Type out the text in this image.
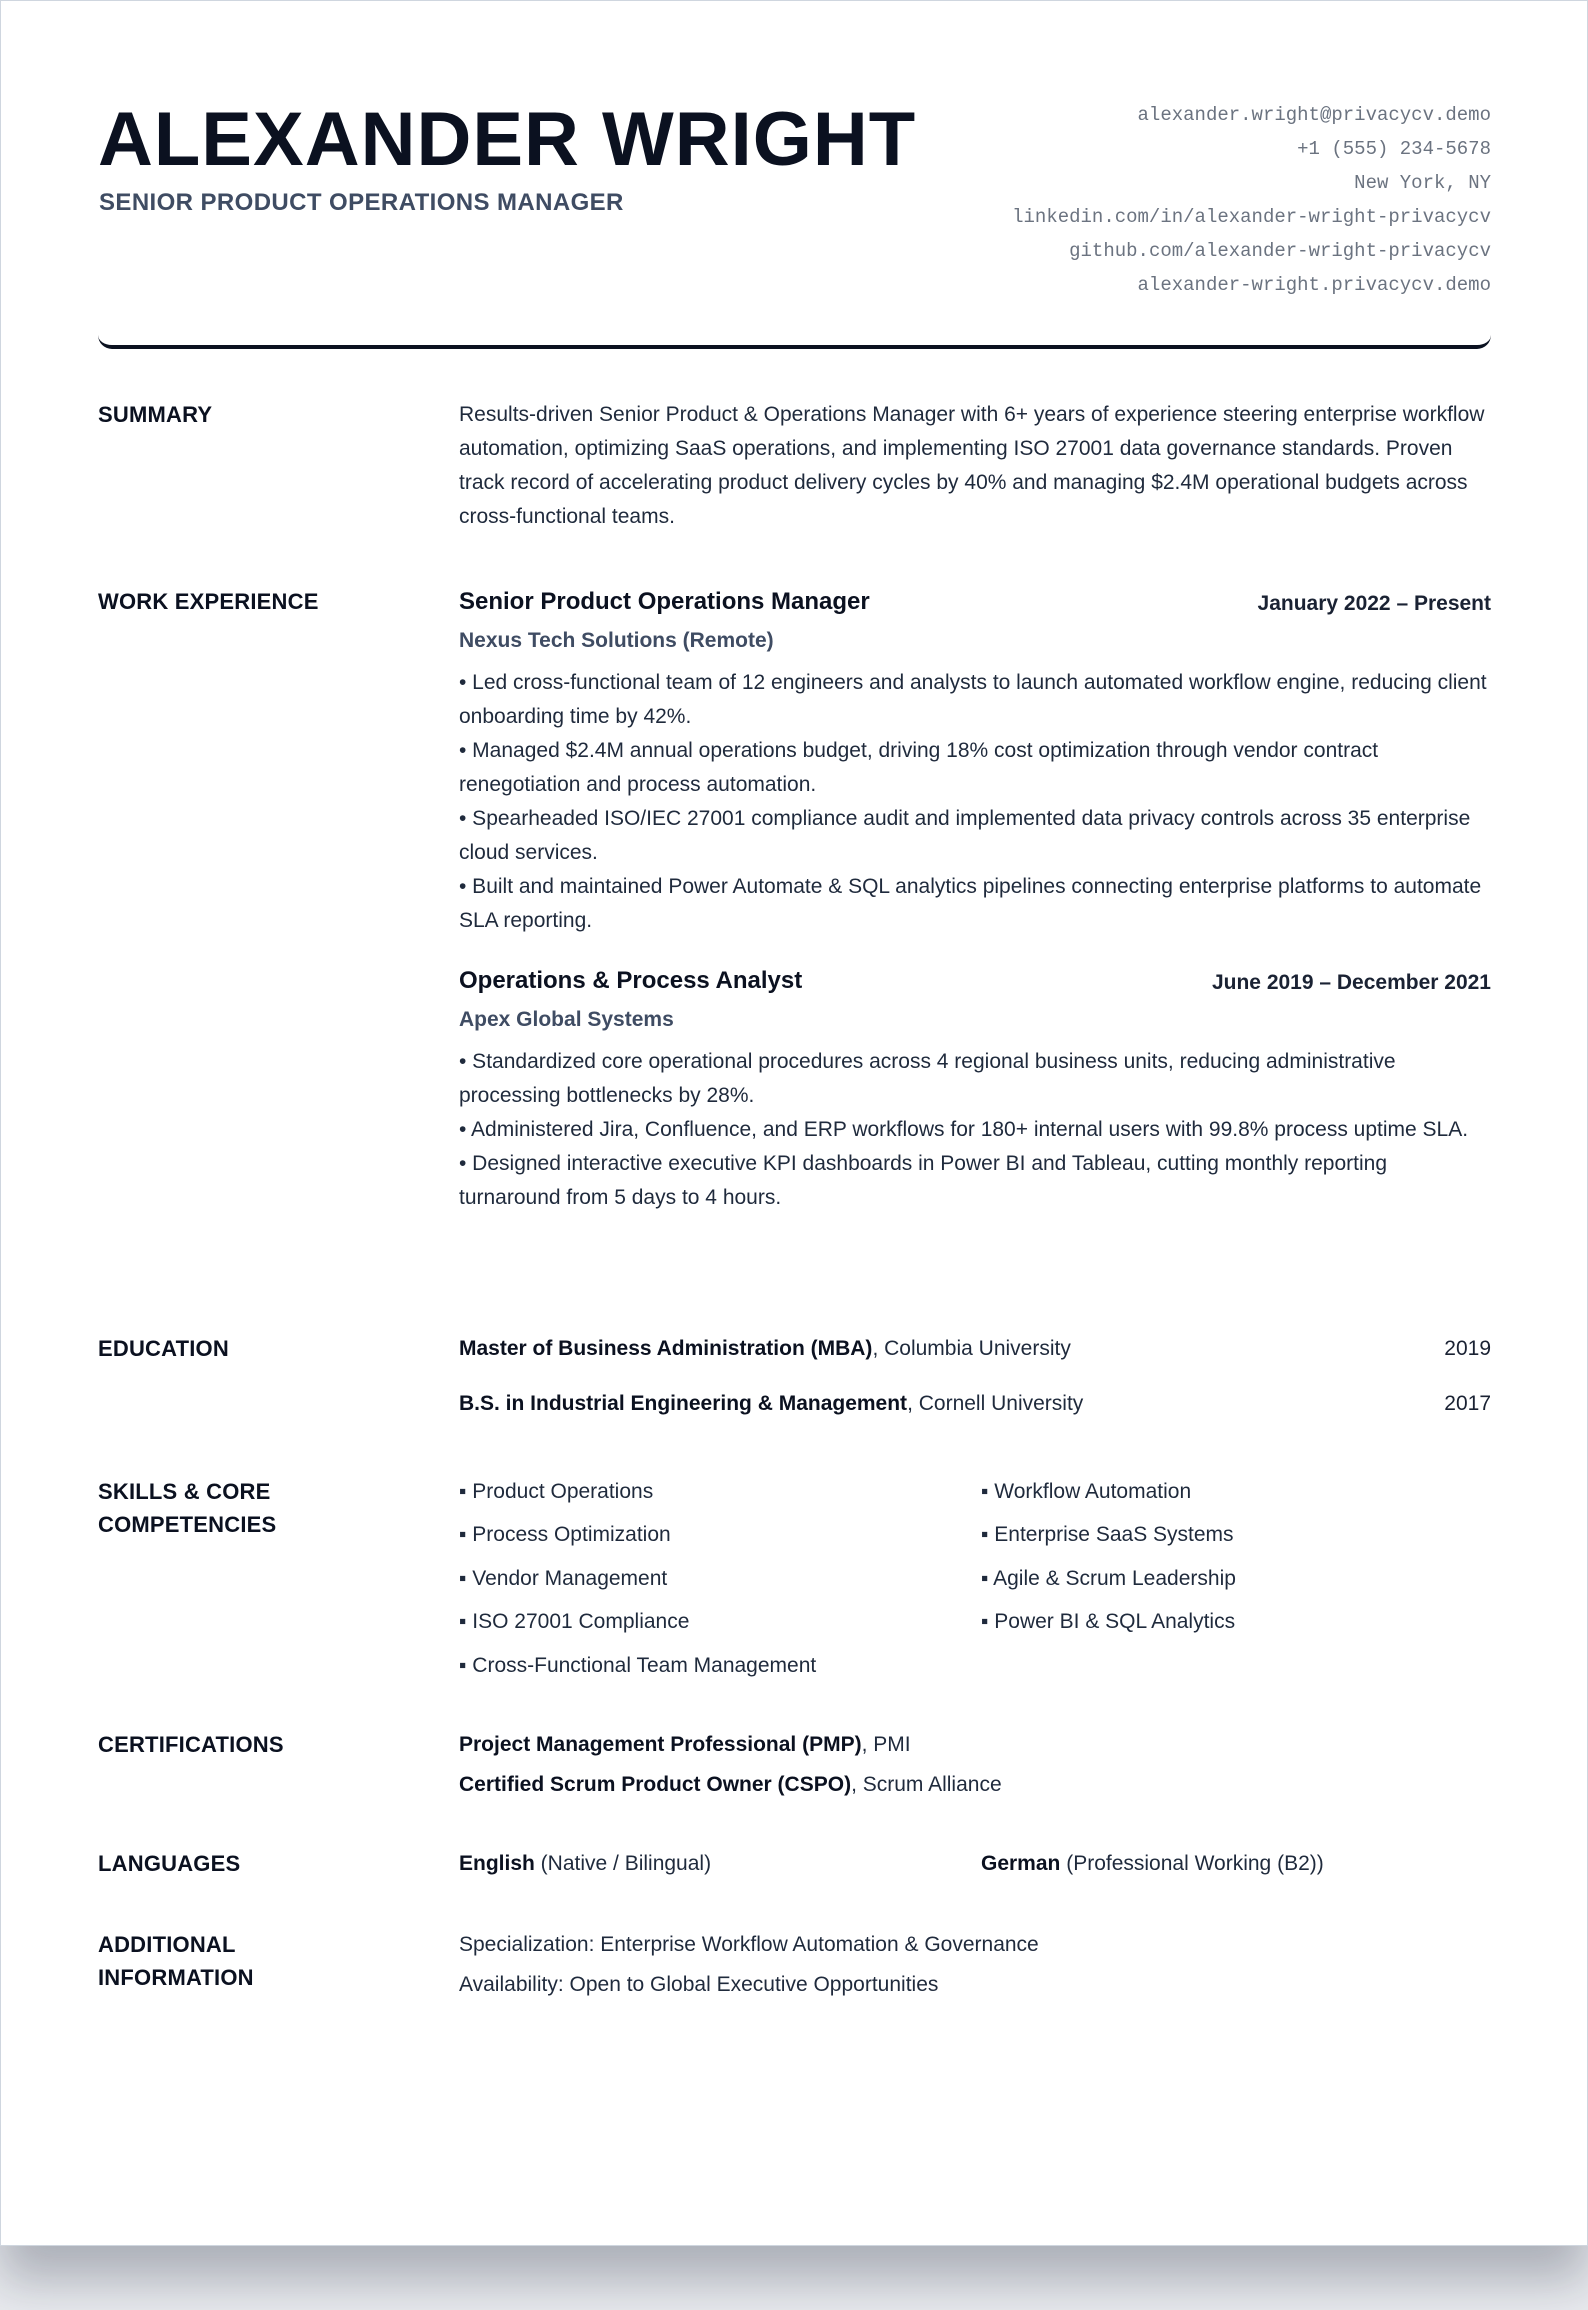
ALEXANDER WRIGHT
SENIOR PRODUCT OPERATIONS MANAGER
alexander.wright@privacycv.demo
+1 (555) 234-5678
New York, NY
linkedin.com/in/alexander-wright-privacycv
github.com/alexander-wright-privacycv
alexander-wright.privacycv.demo
SUMMARY	Results-driven Senior Product & Operations Manager with 6+ years of experience steering enterprise workflow automation, optimizing SaaS operations, and implementing ISO 27001 data governance standards. Proven track record of accelerating product delivery cycles by 40% and managing $2.4M operational budgets across cross-functional teams.

WORK EXPERIENCE	Senior Product Operations Manager	January 2022 – Present
Nexus Tech Solutions (Remote)
• Led cross-functional team of 12 engineers and analysts to launch automated workflow engine, reducing client onboarding time by 42%.
• Managed $2.4M annual operations budget, driving 18% cost optimization through vendor contract renegotiation and process automation.
• Spearheaded ISO/IEC 27001 compliance audit and implemented data privacy controls across 35 enterprise cloud services.
• Built and maintained Power Automate & SQL analytics pipelines connecting enterprise platforms to automate SLA reporting.
Operations & Process Analyst	June 2019 – December 2021
Apex Global Systems
• Standardized core operational procedures across 4 regional business units, reducing administrative processing bottlenecks by 28%.
• Administered Jira, Confluence, and ERP workflows for 180+ internal users with 99.8% process uptime SLA.
• Designed interactive executive KPI dashboards in Power BI and Tableau, cutting monthly reporting turnaround from 5 days to 4 hours.
EDUCATION	Master of Business Administration (MBA), Columbia University	2019
B.S. in Industrial Engineering & Management, Cornell University	2017
SKILLS & CORE COMPETENCIES
▪ Product Operations	▪ Workflow Automation
▪ Process Optimization	▪ Enterprise SaaS Systems
▪ Vendor Management	▪ Agile & Scrum Leadership
▪ ISO 27001 Compliance	▪ Power BI & SQL Analytics
▪ Cross-Functional Team Management
CERTIFICATIONS	Project Management Professional (PMP), PMI
Certified Scrum Product Owner (CSPO), Scrum Alliance
LANGUAGES	English (Native / Bilingual)	German (Professional Working (B2))
ADDITIONAL INFORMATION
Specialization: Enterprise Workflow Automation & Governance
Availability: Open to Global Executive Opportunities
